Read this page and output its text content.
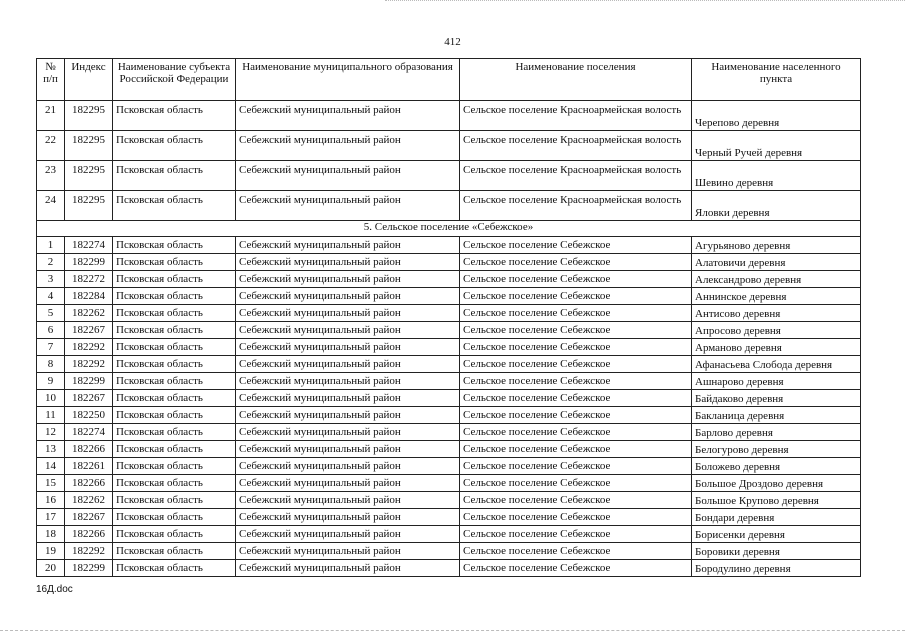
412
№ п/п	Индекс	Наименование субъекта Российской Федерации	Наименование муниципального образования	Наименование поселения	Наименование населенного пункта
21	182295	Псковская область	Себежский муниципальный район	Сельское поселение Красноармейская волость	Черепово деревня
22	182295	Псковская область	Себежский муниципальный район	Сельское поселение Красноармейская волость	Черный Ручей деревня
23	182295	Псковская область	Себежский муниципальный район	Сельское поселение Красноармейская волость	Шевино деревня
24	182295	Псковская область	Себежский муниципальный район	Сельское поселение Красноармейская волость	Яловки деревня
5. Сельское поселение «Себежское»					
1	182274	Псковская область	Себежский муниципальный район	Сельское поселение Себежское	Агурьяново деревня
2	182299	Псковская область	Себежский муниципальный район	Сельское поселение Себежское	Алатовичи деревня
3	182272	Псковская область	Себежский муниципальный район	Сельское поселение Себежское	Александрово деревня
4	182284	Псковская область	Себежский муниципальный район	Сельское поселение Себежское	Аннинское деревня
5	182262	Псковская область	Себежский муниципальный район	Сельское поселение Себежское	Антисово деревня
6	182267	Псковская область	Себежский муниципальный район	Сельское поселение Себежское	Апросово деревня
7	182292	Псковская область	Себежский муниципальный район	Сельское поселение Себежское	Арманово деревня
8	182292	Псковская область	Себежский муниципальный район	Сельское поселение Себежское	Афанасьева Слобода деревня
9	182299	Псковская область	Себежский муниципальный район	Сельское поселение Себежское	Ашнарово деревня
10	182267	Псковская область	Себежский муниципальный район	Сельское поселение Себежское	Байдаково деревня
11	182250	Псковская область	Себежский муниципальный район	Сельское поселение Себежское	Бакланица деревня
12	182274	Псковская область	Себежский муниципальный район	Сельское поселение Себежское	Барлово деревня
13	182266	Псковская область	Себежский муниципальный район	Сельское поселение Себежское	Белогурово деревня
14	182261	Псковская область	Себежский муниципальный район	Сельское поселение Себежское	Боложево деревня
15	182266	Псковская область	Себежский муниципальный район	Сельское поселение Себежское	Большое Дроздово деревня
16	182262	Псковская область	Себежский муниципальный район	Сельское поселение Себежское	Большое Крупово деревня
17	182267	Псковская область	Себежский муниципальный район	Сельское поселение Себежское	Бондари деревня
18	182266	Псковская область	Себежский муниципальный район	Сельское поселение Себежское	Борисенки деревня
19	182292	Псковская область	Себежский муниципальный район	Сельское поселение Себежское	Боровики деревня
20	182299	Псковская область	Себежский муниципальный район	Сельское поселение Себежское	Бородулино деревня
16Д.doc
